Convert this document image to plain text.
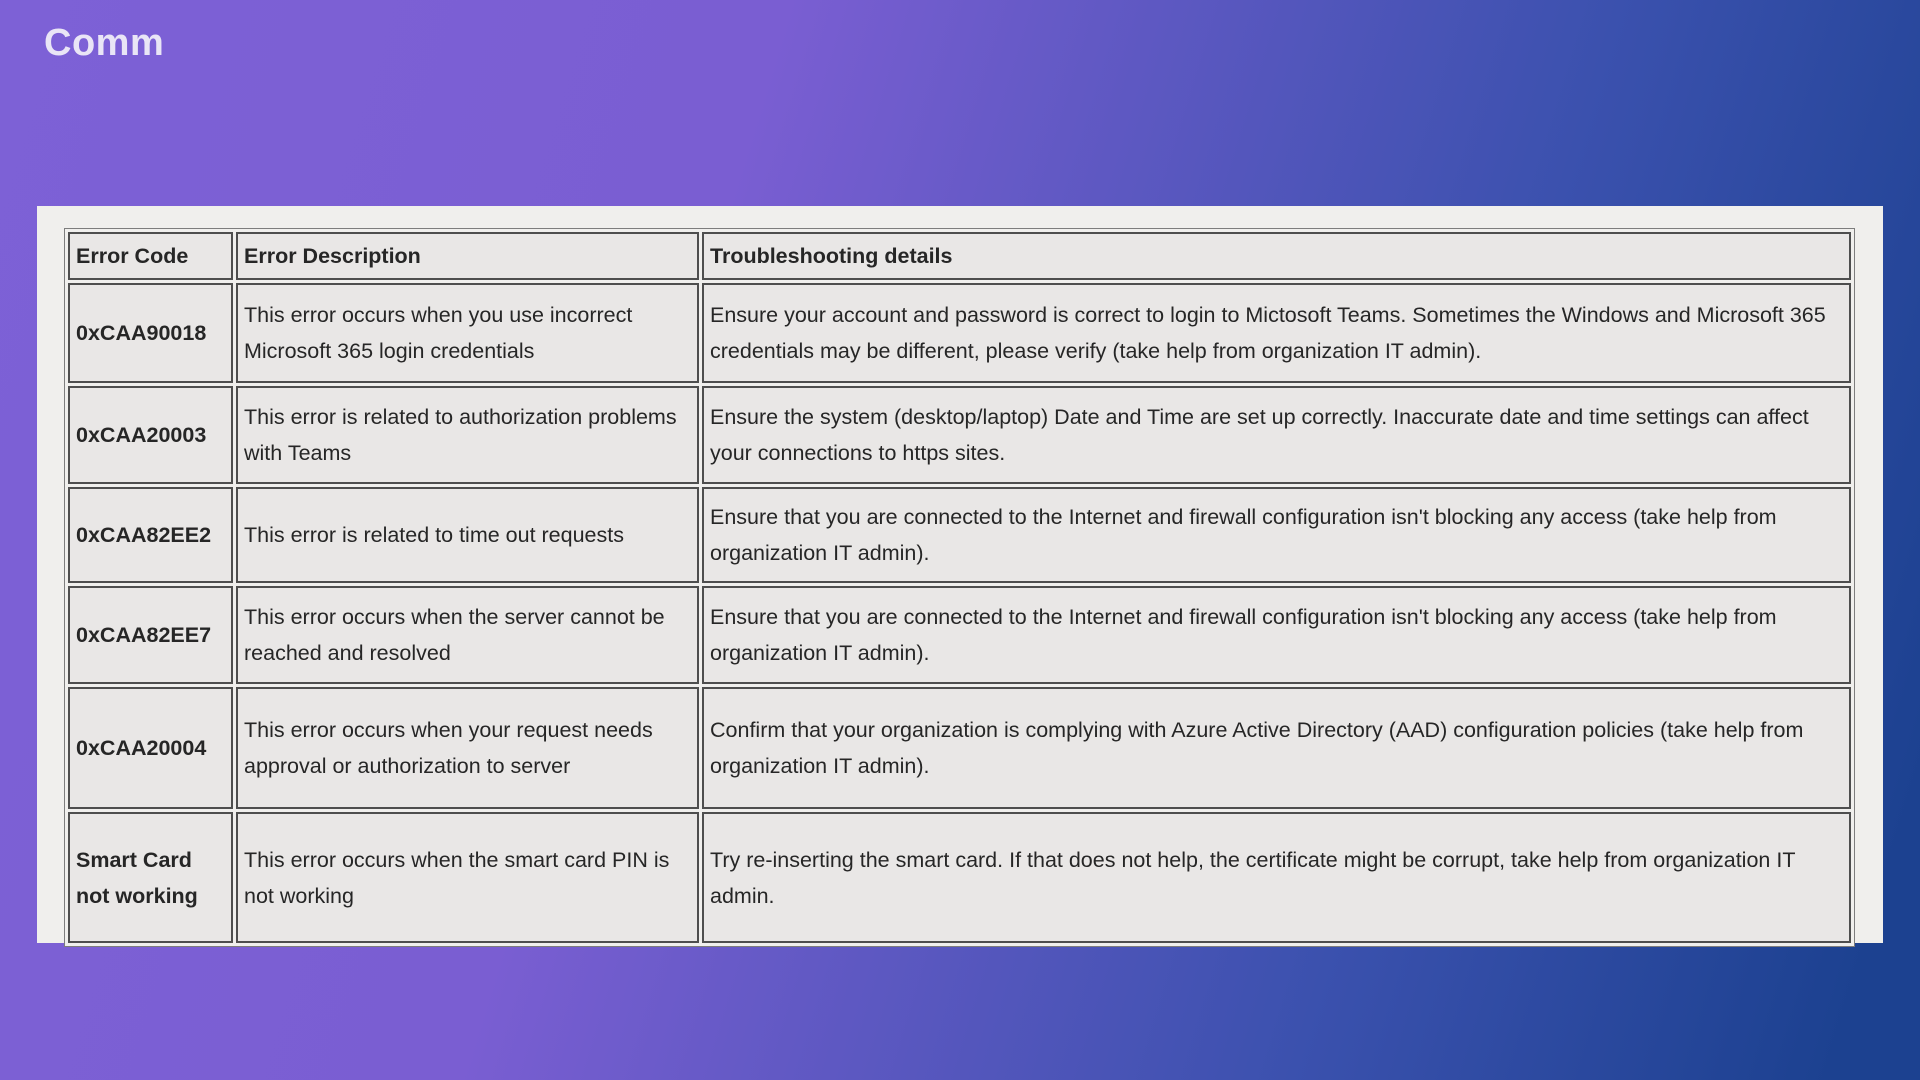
Comm
Error Code	Error Description	Troubleshooting details
0xCAA90018	This error occurs when you use incorrect Microsoft 365 login credentials	Ensure your account and password is correct to login to Mictosoft Teams. Sometimes the Windows and Microsoft 365 credentials may be different, please verify (take help from organization IT admin).
0xCAA20003	This error is related to authorization problems with Teams	Ensure the system (desktop/laptop) Date and Time are set up correctly. Inaccurate date and time settings can affect your connections to https sites.
0xCAA82EE2	This error is related to time out requests	Ensure that you are connected to the Internet and firewall configuration isn't blocking any access (take help from organization IT admin).
0xCAA82EE7	This error occurs when the server cannot be reached and resolved	Ensure that you are connected to the Internet and firewall configuration isn't blocking any access (take help from organization IT admin).
0xCAA20004	This error occurs when your request needs approval or authorization to server	Confirm that your organization is complying with Azure Active Directory (AAD) configuration policies (take help from organization IT admin).
Smart Card not working	This error occurs when the smart card PIN is not working	Try re-inserting the smart card. If that does not help, the certificate might be corrupt, take help from organization IT admin.
